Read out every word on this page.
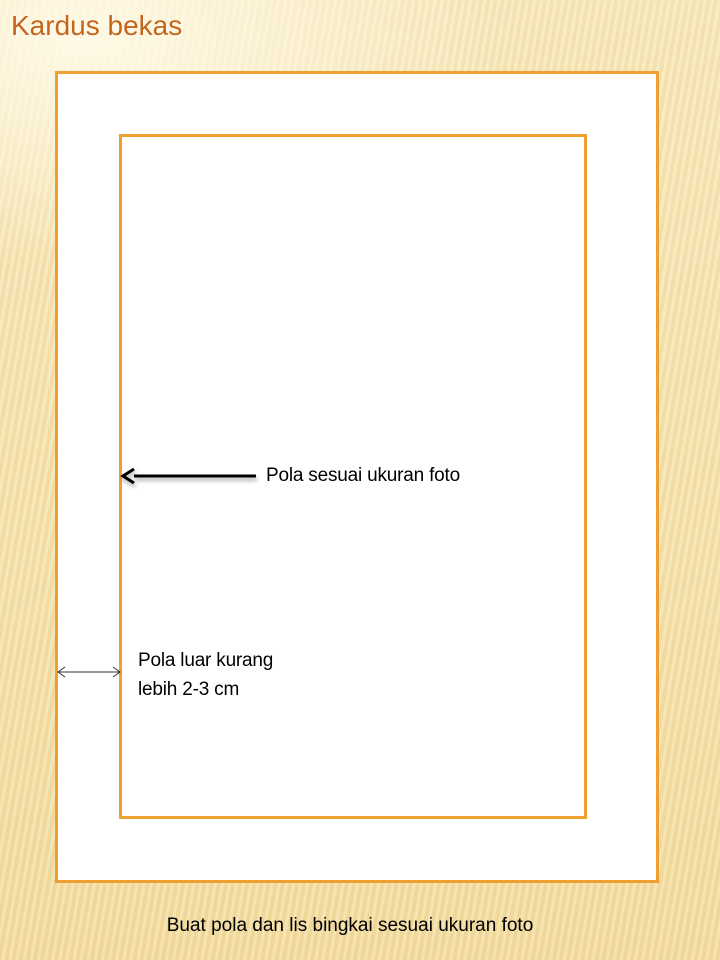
Kardus bekas
Pola sesuai ukuran foto
Pola luar kurang
lebih 2-3 cm
Buat pola dan lis bingkai sesuai ukuran foto
